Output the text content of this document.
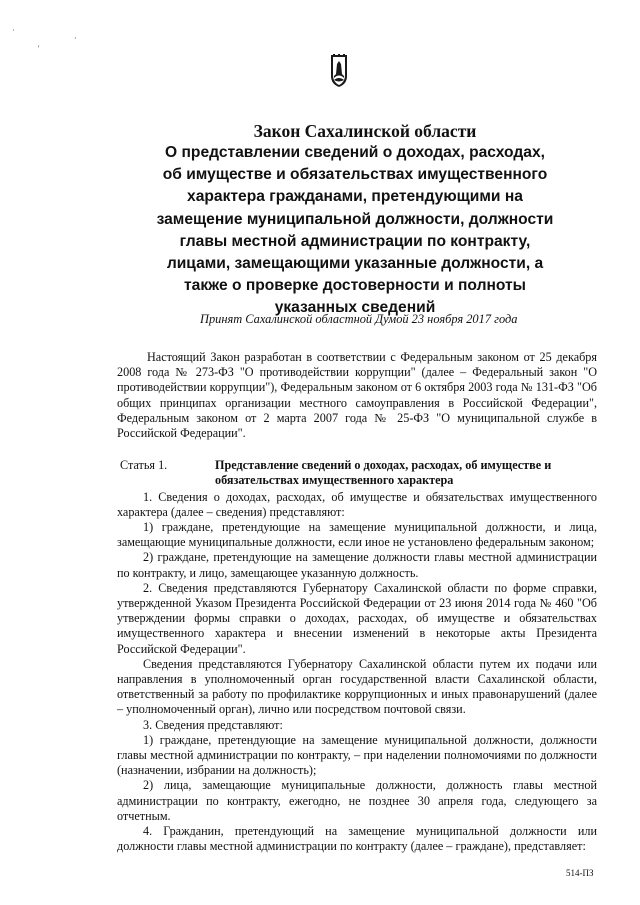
·
'
·
Закон Сахалинской области

О представлении сведений о доходах, расходах,

об имуществе и обязательствах имущественного

характера гражданами, претендующими на

замещение муниципальной должности, должности

главы местной администрации по контракту,

лицами, замещающими указанные должности, а

также о проверке достоверности и полноты

указанных сведений

Принят Сахалинской областной Думой 23 ноября 2017 года

Настоящий Закон разработан в соответствии с Федеральным законом от 25 декабря 2008 года № 273-ФЗ "О противодействии коррупции" (далее – Федеральный закон "О противодействии коррупции"), Федеральным законом от 6 октября 2003 года № 131-ФЗ "Об общих принципах организации местного самоуправления в Российской Федерации", Федеральным законом от 2 марта 2007 года № 25-ФЗ "О муниципальной службе в Российской Федерации".

Статья 1.	Представление сведений о доходах, расходах, об имуществе и обязательствах имущественного характера

1. Сведения о доходах, расходах, об имуществе и обязательствах имущественного характера (далее – сведения) представляют:

1) граждане, претендующие на замещение муниципальной должности, и лица, замещающие муниципальные должности, если иное не установлено федеральным законом;

2) граждане, претендующие на замещение должности главы местной администрации по контракту, и лицо, замещающее указанную должность.

2. Сведения представляются Губернатору Сахалинской области по форме справки, утвержденной Указом Президента Российской Федерации от 23 июня 2014 года № 460 "Об утверждении формы справки о доходах, расходах, об имуществе и обязательствах имущественного характера и внесении изменений в некоторые акты Президента Российской Федерации".

Сведения представляются Губернатору Сахалинской области путем их подачи или направления в уполномоченный орган государственной власти Сахалинской области, ответственный за работу по профилактике коррупционных и иных правонарушений (далее – уполномоченный орган), лично или посредством почтовой связи.

3. Сведения представляют:

1) граждане, претендующие на замещение муниципальной должности, должности главы местной администрации по контракту, – при наделении полномочиями по должности (назначении, избрании на должность);

2) лица, замещающие муниципальные должности, должность главы местной администрации по контракту, ежегодно, не позднее 30 апреля года, следующего за отчетным.

4. Гражданин, претендующий на замещение муниципальной должности или должности главы местной администрации по контракту (далее – граждане), представляет:

514-ПЗ
